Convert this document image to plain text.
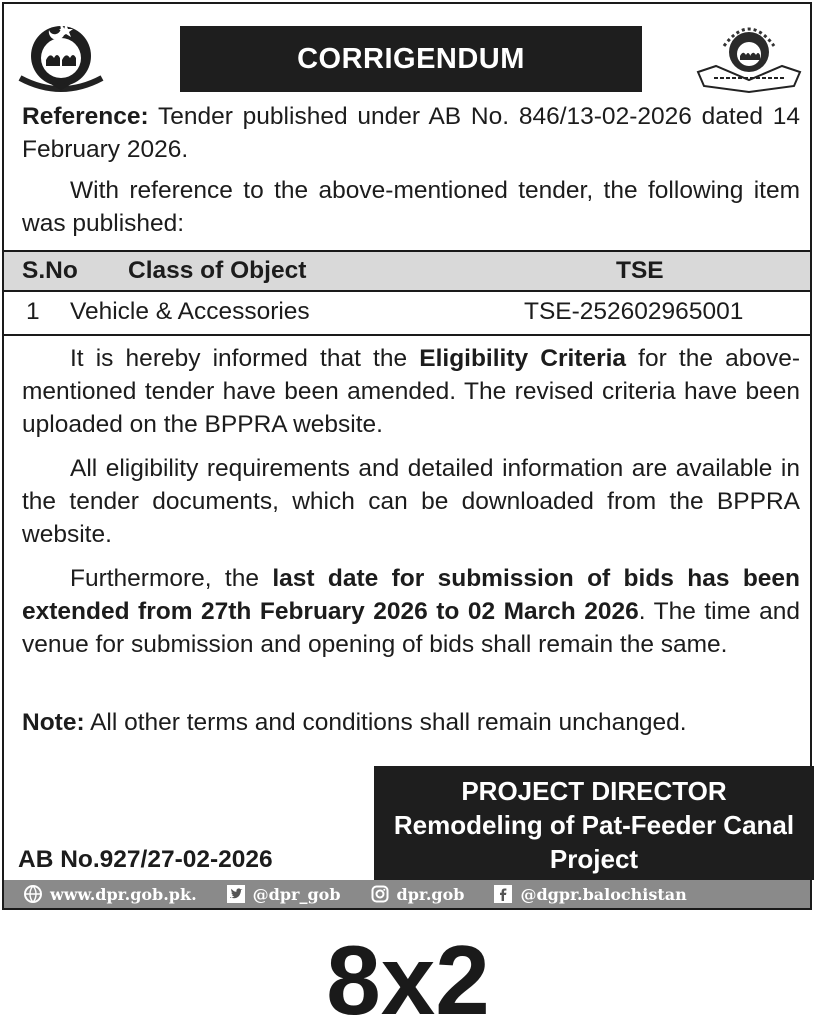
CORRIGENDUM

Reference: Tender published under AB No. 846/13-02-2026 dated 14 February 2026.

With reference to the above-mentioned tender, the following item was published:

S.No Class of Object	TSE
1 Vehicle & Accessories	TSE-252602965001

It is hereby informed that the Eligibility Criteria for the above-mentioned tender have been amended. The revised criteria have been uploaded on the BPPRA website.

All eligibility requirements and detailed information are available in the tender documents, which can be downloaded from the BPPRA website.

Furthermore, the last date for submission of bids has been extended from 27th February 2026 to 02 March 2026. The time and venue for submission and opening of bids shall remain the same.

Note: All other terms and conditions shall remain unchanged.

PROJECT DIRECTOR
Remodeling of Pat-Feeder Canal
Project
AB No.927/27-02-2026
www.dpr.gob.pk.	@dpr_gob	dpr.gob	@dgpr.balochistan
8x2
